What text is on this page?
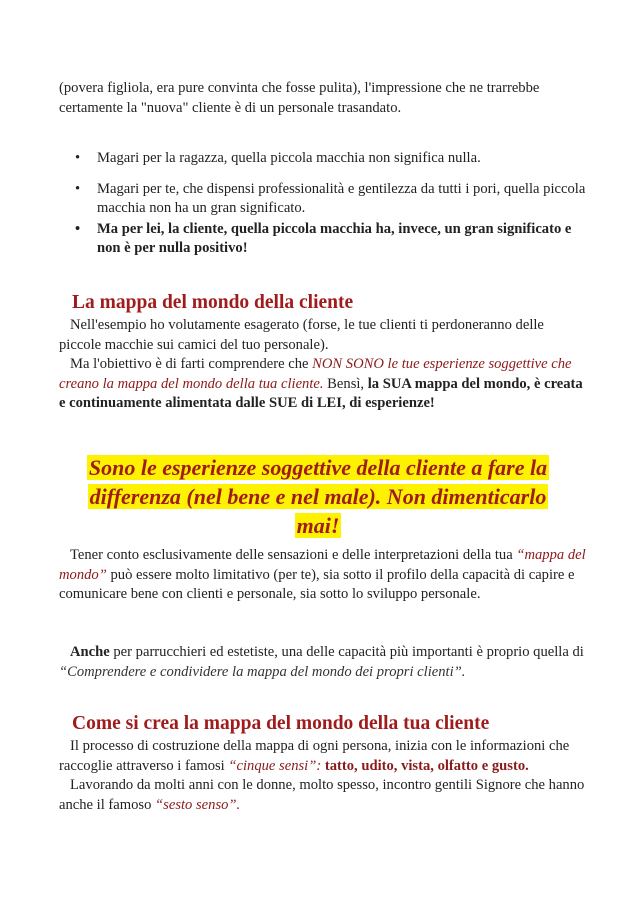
(povera figliola, era pure convinta che fosse pulita), l'impressione che ne trarrebbe certamente la "nuova" cliente è di un personale trasandato.

• Magari per la ragazza, quella piccola macchia non significa nulla.
• Magari per te, che dispensi professionalità e gentilezza da tutti i pori, quella piccola macchia non ha un gran significato.
• Ma per lei, la cliente, quella piccola macchia ha, invece, un gran significato e non è per nulla positivo!
La mappa del mondo della cliente

Nell'esempio ho volutamente esagerato (forse, le tue clienti ti perdoneranno delle piccole macchie sui camici del tuo personale).

Ma l'obiettivo è di farti comprendere che NON SONO le tue esperienze soggettive che creano la mappa del mondo della tua cliente. Bensì, la SUA mappa del mondo, è creata e continuamente alimentata dalle SUE di LEI, di esperienze!

Sono le esperienze soggettive della cliente a fare la differenza (nel bene e nel male). Non dimenticarlo mai!

Tener conto esclusivamente delle sensazioni e delle interpretazioni della tua “mappa del mondo” può essere molto limitativo (per te), sia sotto il profilo della capacità di capire e comunicare bene con clienti e personale, sia sotto lo sviluppo personale.

Anche per parrucchieri ed estetiste, una delle capacità più importanti è proprio quella di “Comprendere e condividere la mappa del mondo dei propri clienti”.

Come si crea la mappa del mondo della tua cliente

Il processo di costruzione della mappa di ogni persona, inizia con le informazioni che raccoglie attraverso i famosi “cinque sensi”: tatto, udito, vista, olfatto e gusto.

Lavorando da molti anni con le donne, molto spesso, incontro gentili Signore che hanno anche il famoso “sesto senso”.
